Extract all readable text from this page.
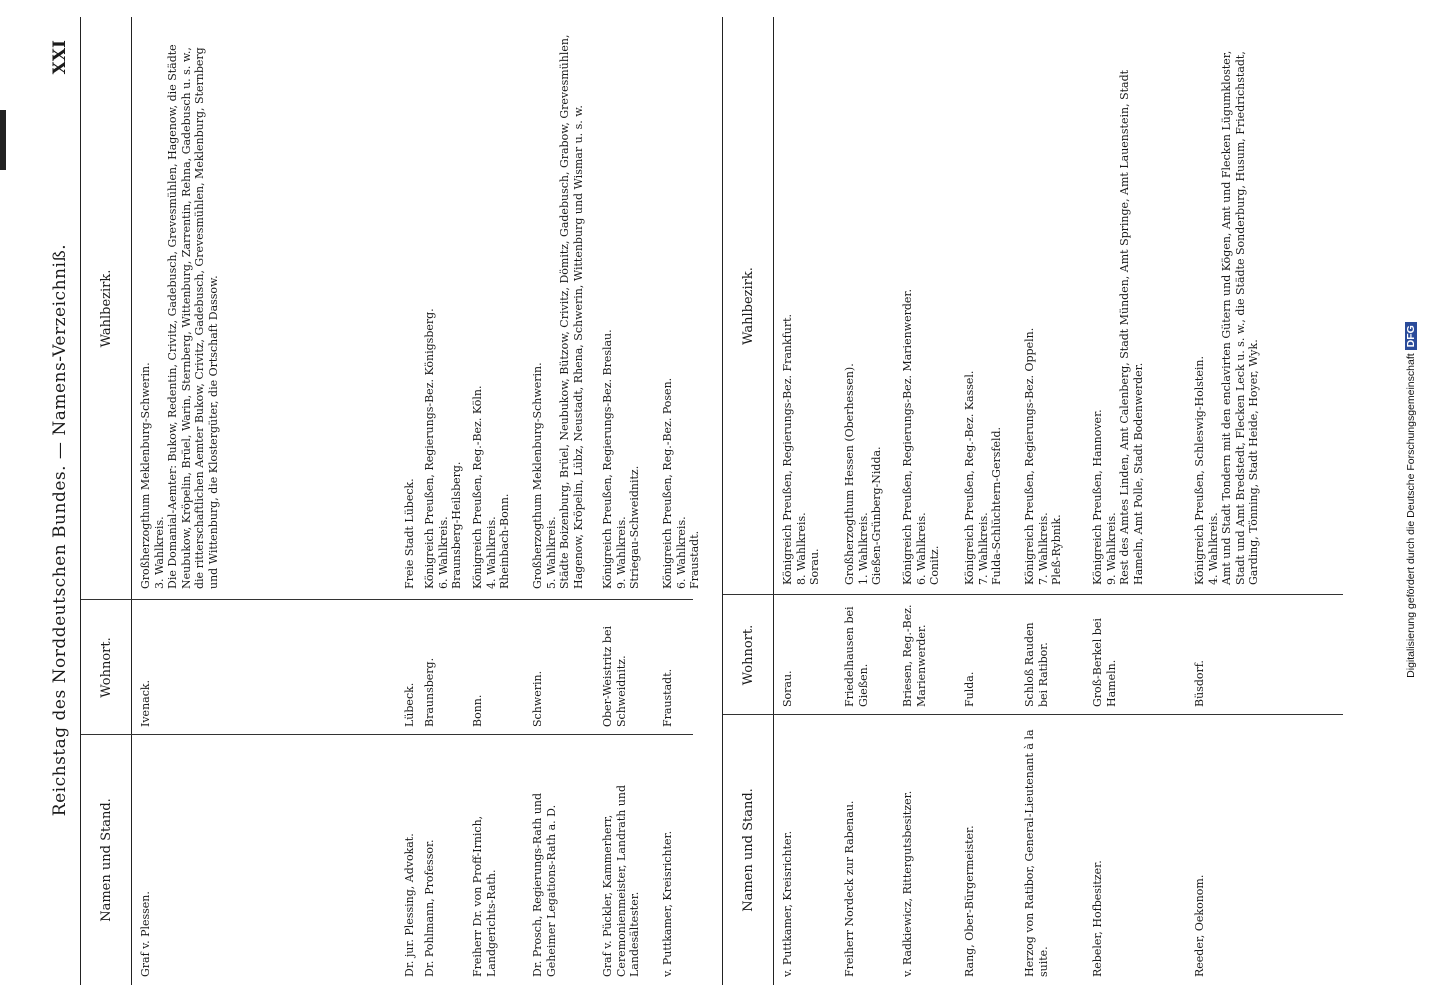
Reichstag des Norddeutschen Bundes. — Namens-Verzeichniß.
XXI
Namen und Stand.
Wohnort.
Wahlbezirk.
Graf v. Plessen.
Ivenack.
Großherzogthum Meklenburg-Schwerin.
3. Wahlkreis.
Die Domanial-Aemter: Bukow, Redentin, Crivitz, Gadebusch, Grevesmühlen, Hagenow, die Städte Neubukow, Kröpelin, Brüel, Warin, Sternberg, Wittenburg, Zarrentin, Rehna, Gadebusch u. s. w., die ritterschaftlichen Aemter Bukow, Crivitz, Gadebusch, Grevesmühlen, Meklenburg, Sternberg und Wittenburg, die Klostergüter, die Ortschaft Dassow.
Dr. jur. Plessing, Advokat.
Lübeck.
Freie Stadt Lübeck.
Dr. Pohlmann, Professor.
Braunsberg.
Königreich Preußen, Regierungs-Bez. Königsberg.
6. Wahlkreis.
Braunsberg-Heilsberg.
Freiherr Dr. von Proff-Irnich, Landgerichts-Rath.
Bonn.
Königreich Preußen, Reg.-Bez. Köln.
4. Wahlkreis.
Rheinbach-Bonn.
Dr. Prosch, Regierungs-Rath und Geheimer Legations-Rath a. D.
Schwerin.
Großherzogthum Meklenburg-Schwerin.
5. Wahlkreis.
Städte Boizenburg, Brüel, Neubukow, Bützow, Crivitz, Dömitz, Gadebusch, Grabow, Grevesmühlen, Hagenow, Kröpelin, Lübz, Neustadt, Rhena, Schwerin, Wittenburg und Wismar u. s. w.
Graf v. Pückler, Kammerherr, Ceremonienmeister, Landrath und Landesältester.
Ober-Weistritz bei Schweidnitz.
Königreich Preußen, Regierungs-Bez. Breslau.
9. Wahlkreis.
Striegau-Schweidnitz.
v. Puttkamer, Kreisrichter.
Fraustadt.
Königreich Preußen, Reg.-Bez. Posen.
6. Wahlkreis.
Fraustadt.
Namen und Stand.
Wohnort.
Wahlbezirk.
v. Puttkamer, Kreisrichter.
Sorau.
Königreich Preußen, Regierungs-Bez. Frankfurt.
8. Wahlkreis.
Sorau.
Freiherr Nordeck zur Rabenau.
Friedelhausen bei Gießen.
Großherzogthum Hessen (Oberhessen).
1. Wahlkreis.
Gießen-Grünberg-Nidda.
v. Radkiewicz, Rittergutsbesitzer.
Briesen, Reg.-Bez. Marienwerder.
Königreich Preußen, Regierungs-Bez. Marienwerder.
6. Wahlkreis.
Conitz.
Rang, Ober-Bürgermeister.
Fulda.
Königreich Preußen, Reg.-Bez. Kassel.
7. Wahlkreis.
Fulda-Schlüchtern-Gersfeld.
Herzog von Ratibor, General-Lieutenant à la suite.
Schloß Rauden bei Ratibor.
Königreich Preußen, Regierungs-Bez. Oppeln.
7. Wahlkreis.
Pleß-Rybnik.
Rebeler, Hofbesitzer.
Groß-Berkel bei Hameln.
Königreich Preußen, Hannover.
9. Wahlkreis.
Rest des Amtes Linden, Amt Calenberg, Stadt Münden, Amt Springe, Amt Lauenstein, Stadt Hameln, Amt Polle, Stadt Bodenwerder.
Reeder, Oekonom.
Büsdorf.
Königreich Preußen, Schleswig-Holstein.
4. Wahlkreis.
Amt und Stadt Tondern mit den enclavirten Gütern und Kögen, Amt und Flecken Lügumkloster, Stadt und Amt Bredstedt, Flecken Leck u. s. w., die Städte Sonderburg, Husum, Friedrichstadt, Garding, Tönning, Stadt Heide, Hoyer, Wyk.
Digitalisierung gefördert durch die Deutsche ForschungsgemeinschaftDFG
